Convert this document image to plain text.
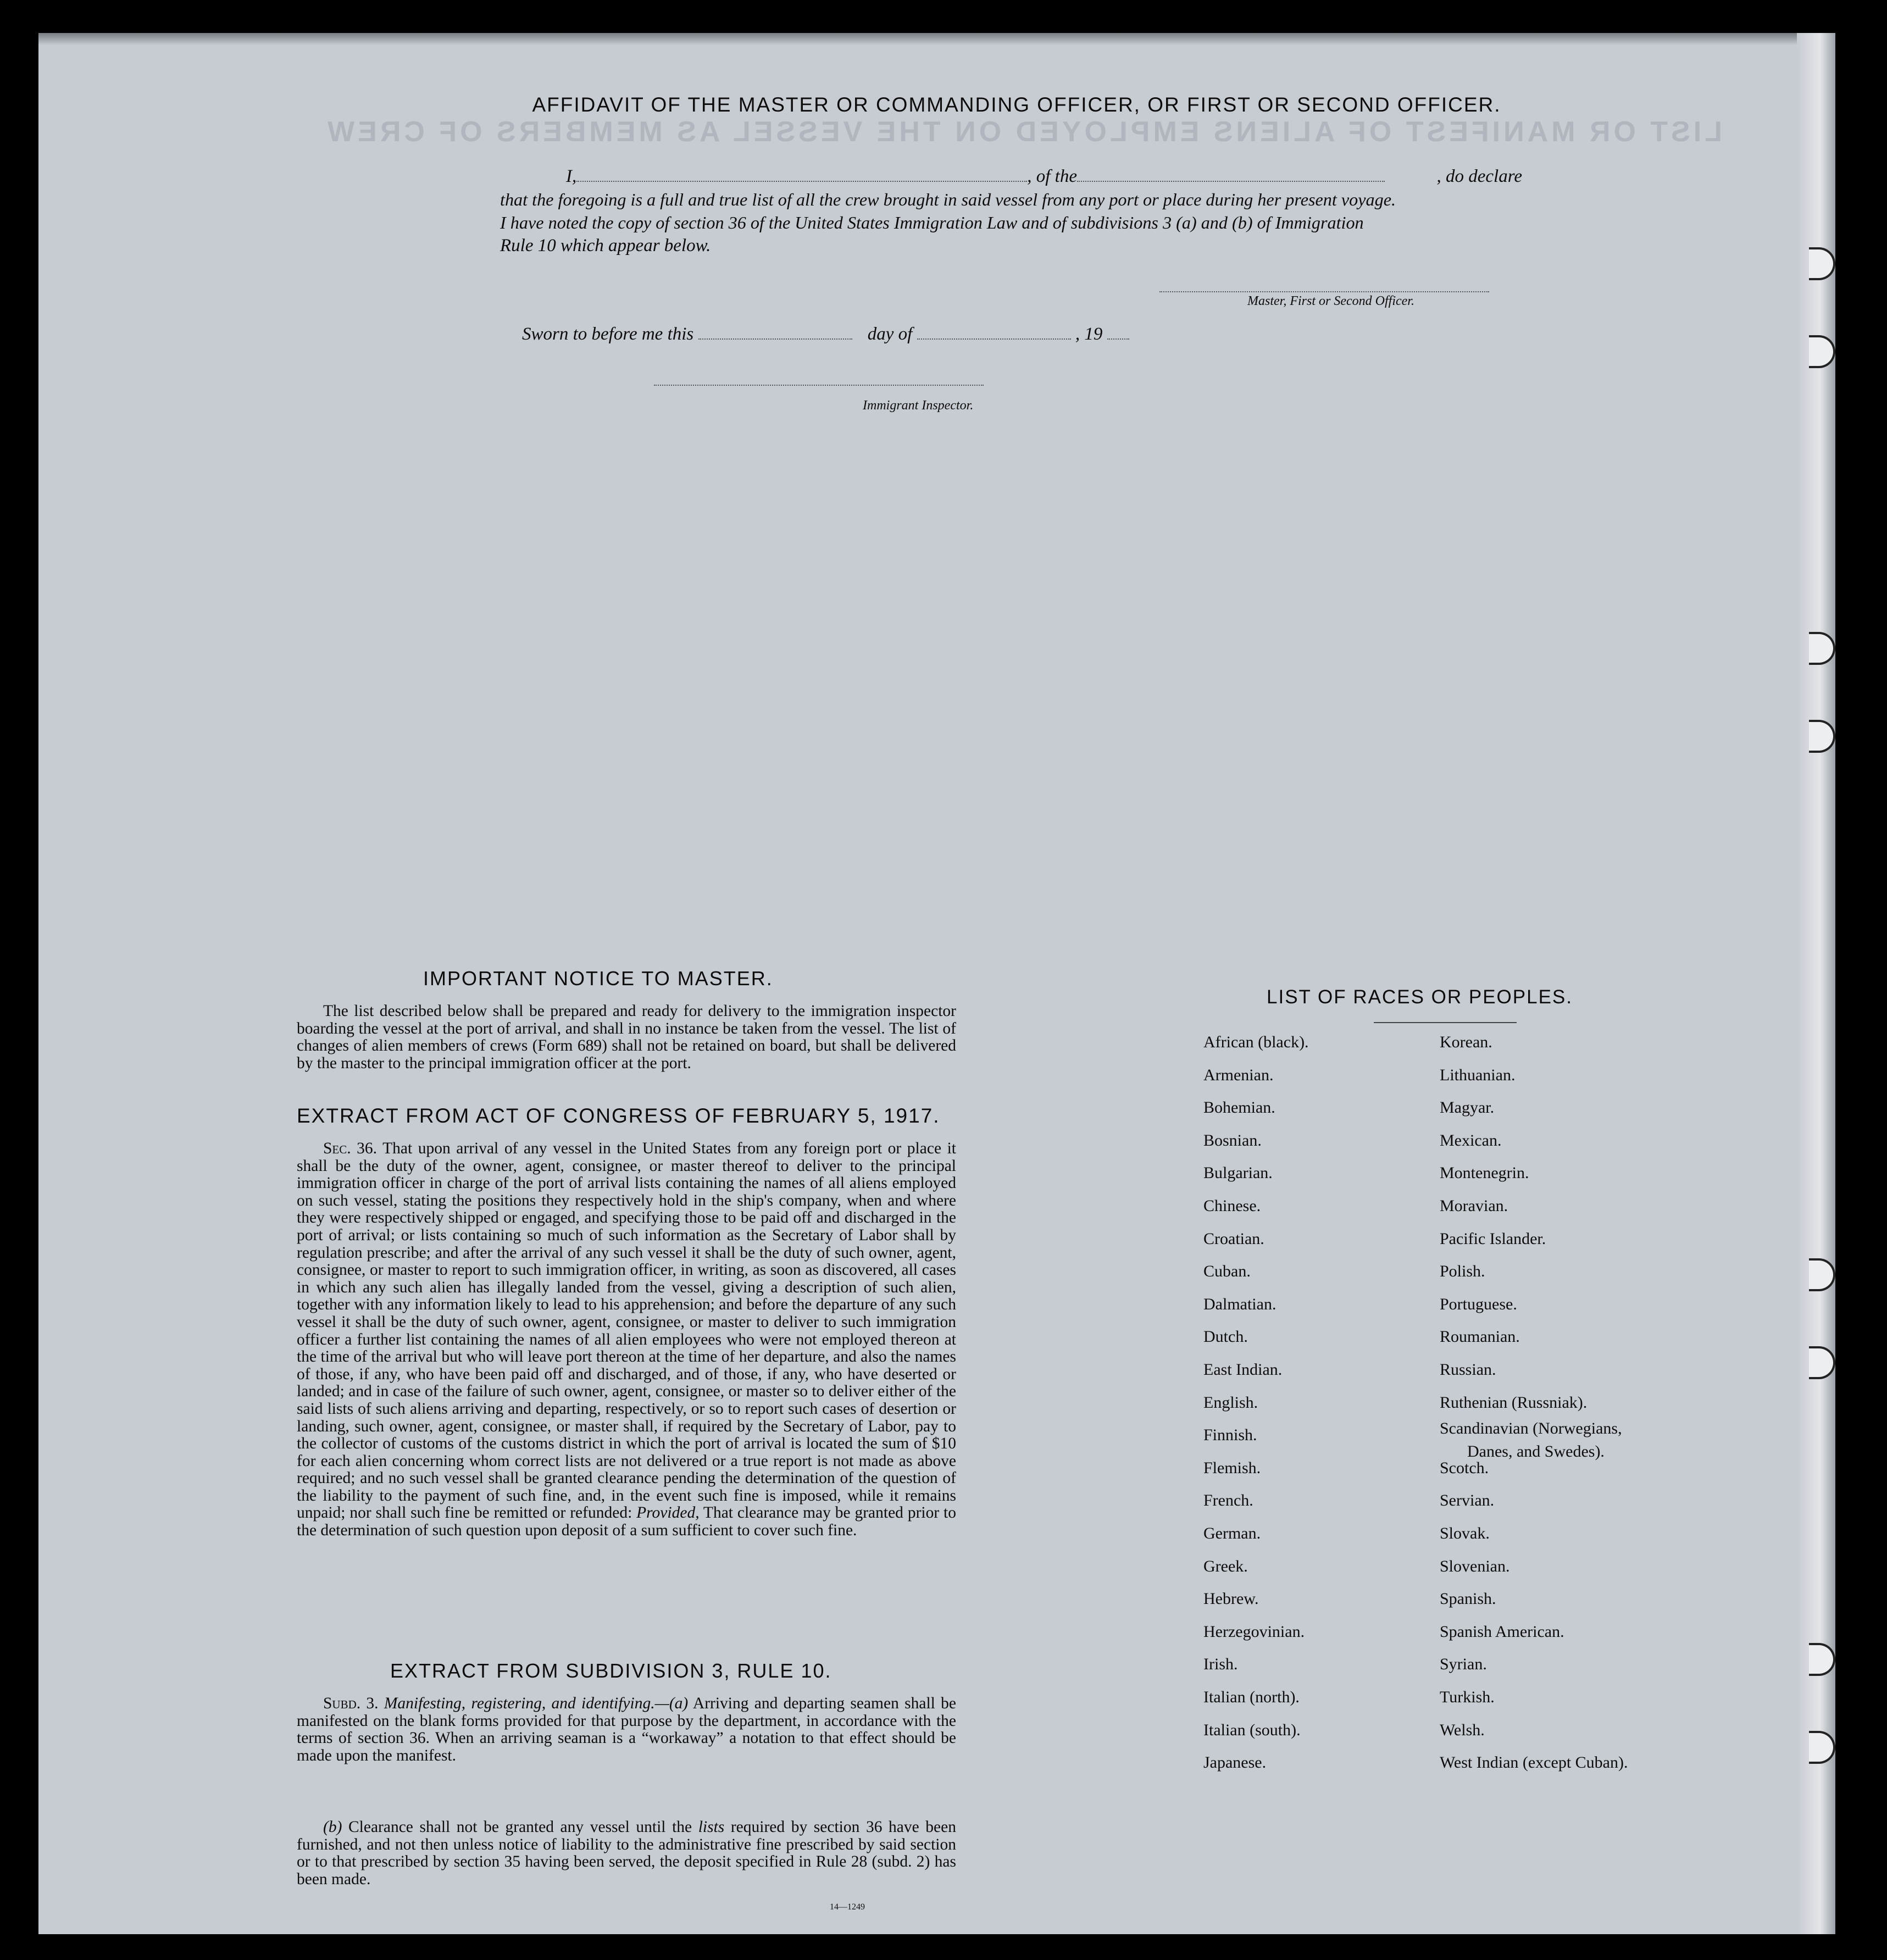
LIST OR MANIFEST OF ALIENS EMPLOYED ON THE VESSEL AS MEMBERS OF CREW
AFFIDAVIT OF THE MASTER OR COMMANDING OFFICER, OR FIRST OR SECOND OFFICER.
I,	, of the	, do declare
that the foregoing is a full and true list of all the crew brought in said vessel from any port or place during her present voyage.
I have noted the copy of section 36 of the United States Immigration Law and of subdivisions 3 (a) and (b) of Immigration
Rule 10 which appear below.
Master, First or Second Officer.
Sworn to before me this	day of	, 19
Immigrant Inspector.
IMPORTANT NOTICE TO MASTER.
The list described below shall be prepared and ready for delivery to the immigration inspector boarding the vessel at the port of arrival, and shall in no instance be taken from the vessel. The list of changes of alien members of crews (Form 689) shall not be retained on board, but shall be delivered by the master to the principal immigration officer at the port.
EXTRACT FROM ACT OF CONGRESS OF FEBRUARY 5, 1917.
Sec. 36. That upon arrival of any vessel in the United States from any foreign port or place it shall be the duty of the owner, agent, consignee, or master thereof to deliver to the principal immigration officer in charge of the port of arrival lists containing the names of all aliens employed on such vessel, stating the positions they respectively hold in the ship's company, when and where they were respectively shipped or engaged, and specifying those to be paid off and discharged in the port of arrival; or lists containing so much of such information as the Secretary of Labor shall by regulation prescribe; and after the arrival of any such vessel it shall be the duty of such owner, agent, consignee, or master to report to such immigration officer, in writing, as soon as discovered, all cases in which any such alien has illegally landed from the vessel, giving a description of such alien, together with any information likely to lead to his apprehension; and before the departure of any such vessel it shall be the duty of such owner, agent, consignee, or master to deliver to such immigration officer a further list containing the names of all alien employees who were not employed thereon at the time of the arrival but who will leave port thereon at the time of her departure, and also the names of those, if any, who have been paid off and discharged, and of those, if any, who have deserted or landed; and in case of the failure of such owner, agent, consignee, or master so to deliver either of the said lists of such aliens arriving and departing, respectively, or so to report such cases of desertion or landing, such owner, agent, consignee, or master shall, if required by the Secretary of Labor, pay to the collector of customs of the customs district in which the port of arrival is located the sum of $10 for each alien concerning whom correct lists are not delivered or a true report is not made as above required; and no such vessel shall be granted clearance pending the determination of the question of the liability to the payment of such fine, and, in the event such fine is imposed, while it remains unpaid; nor shall such fine be remitted or refunded: Provided, That clearance may be granted prior to the determination of such question upon deposit of a sum sufficient to cover such fine.
EXTRACT FROM SUBDIVISION 3, RULE 10.
Subd. 3. Manifesting, registering, and identifying.—(a) Arriving and departing seamen shall be manifested on the blank forms provided for that purpose by the department, in accordance with the terms of section 36. When an arriving seaman is a “workaway” a notation to that effect should be made upon the manifest.
(b) Clearance shall not be granted any vessel until the lists required by section 36 have been furnished, and not then unless notice of liability to the administrative fine prescribed by said section or to that prescribed by section 35 having been served, the deposit specified in Rule 28 (subd. 2) has been made.
14—1249
LIST OF RACES OR PEOPLES.
African (black).
Armenian.
Bohemian.
Bosnian.
Bulgarian.
Chinese.
Croatian.
Cuban.
Dalmatian.
Dutch.
East Indian.
English.
Finnish.
Flemish.
French.
German.
Greek.
Hebrew.
Herzegovinian.
Irish.
Italian (north).
Italian (south).
Japanese.
Korean.
Lithuanian.
Magyar.
Mexican.
Montenegrin.
Moravian.
Pacific Islander.
Polish.
Portuguese.
Roumanian.
Russian.
Ruthenian (Russniak).
Scandinavian (Norwegians,
Danes, and Swedes).
Scotch.
Servian.
Slovak.
Slovenian.
Spanish.
Spanish American.
Syrian.
Turkish.
Welsh.
West Indian (except Cuban).
